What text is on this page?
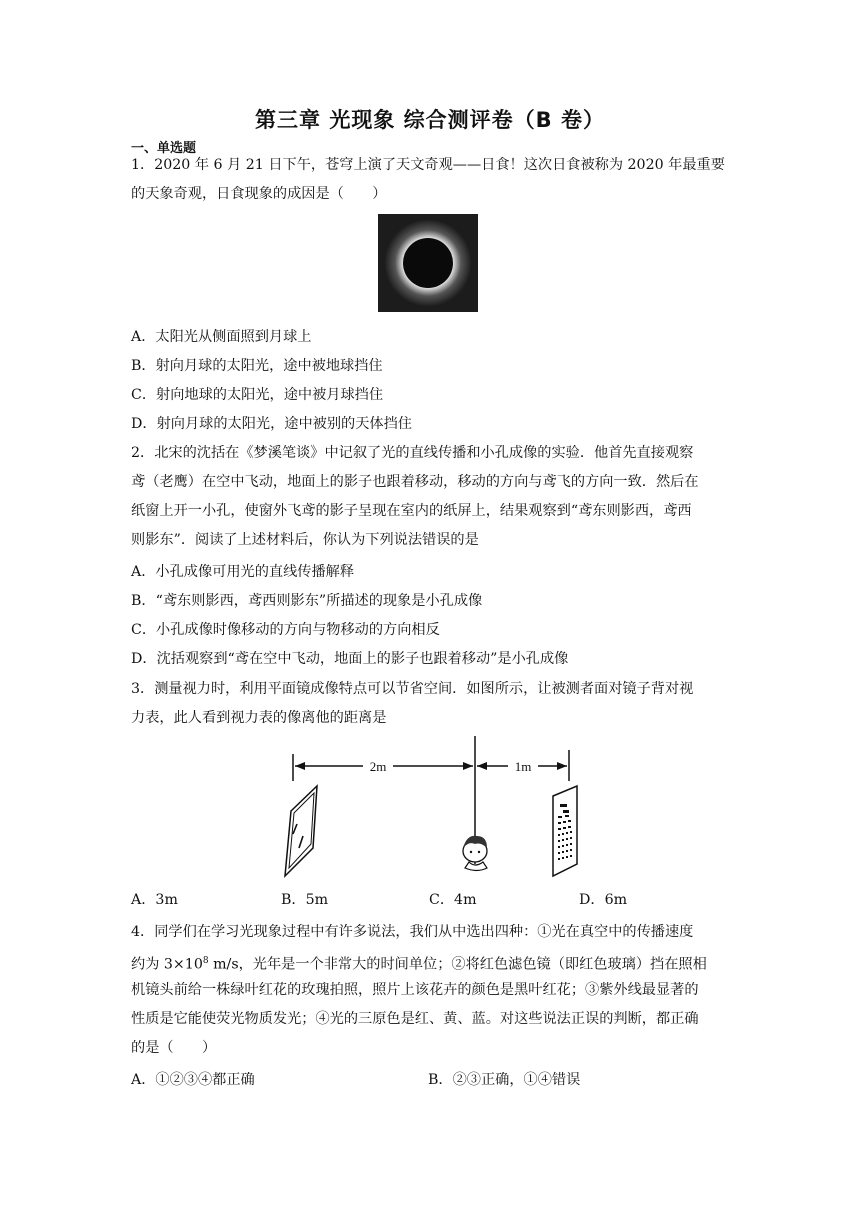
第三章 光现象 综合测评卷（B 卷）
一、单选题
1．2020 年 6 月 21 日下午，苍穹上演了天文奇观——日食！这次日食被称为 2020 年最重要
的天象奇观，日食现象的成因是（　　）
A．太阳光从侧面照到月球上
B．射向月球的太阳光，途中被地球挡住
C．射向地球的太阳光，途中被月球挡住
D．射向月球的太阳光，途中被别的天体挡住
2．北宋的沈括在《梦溪笔谈》中记叙了光的直线传播和小孔成像的实验．他首先直接观察
鸢（老鹰）在空中飞动，地面上的影子也跟着移动，移动的方向与鸢飞的方向一致．然后在
纸窗上开一小孔，使窗外飞鸢的影子呈现在室内的纸屏上，结果观察到“鸢东则影西，鸢西
则影东”．阅读了上述材料后，你认为下列说法错误的是
A．小孔成像可用光的直线传播解释
B．“鸢东则影西，鸢西则影东”所描述的现象是小孔成像
C．小孔成像时像移动的方向与物移动的方向相反
D．沈括观察到“鸢在空中飞动，地面上的影子也跟着移动”是小孔成像
3．测量视力时，利用平面镜成像特点可以节省空间．如图所示，让被测者面对镜子背对视
力表，此人看到视力表的像离他的距离是
2m	1m
A．3m	B．5m	C．4m	D．6m
4．同学们在学习光现象过程中有许多说法，我们从中选出四种：①光在真空中的传播速度
约为 $3\times 10^8$ m/s，光年是一个非常大的时间单位；②将红色滤色镜（即红色玻璃）挡在照相
机镜头前给一株绿叶红花的玫瑰拍照，照片上该花卉的颜色是黑叶红花；③紫外线最显著的
性质是它能使荧光物质发光；④光的三原色是红、黄、蓝。对这些说法正误的判断，都正确
的是（　　）
A．①②③④都正确	B．②③正确，①④错误
